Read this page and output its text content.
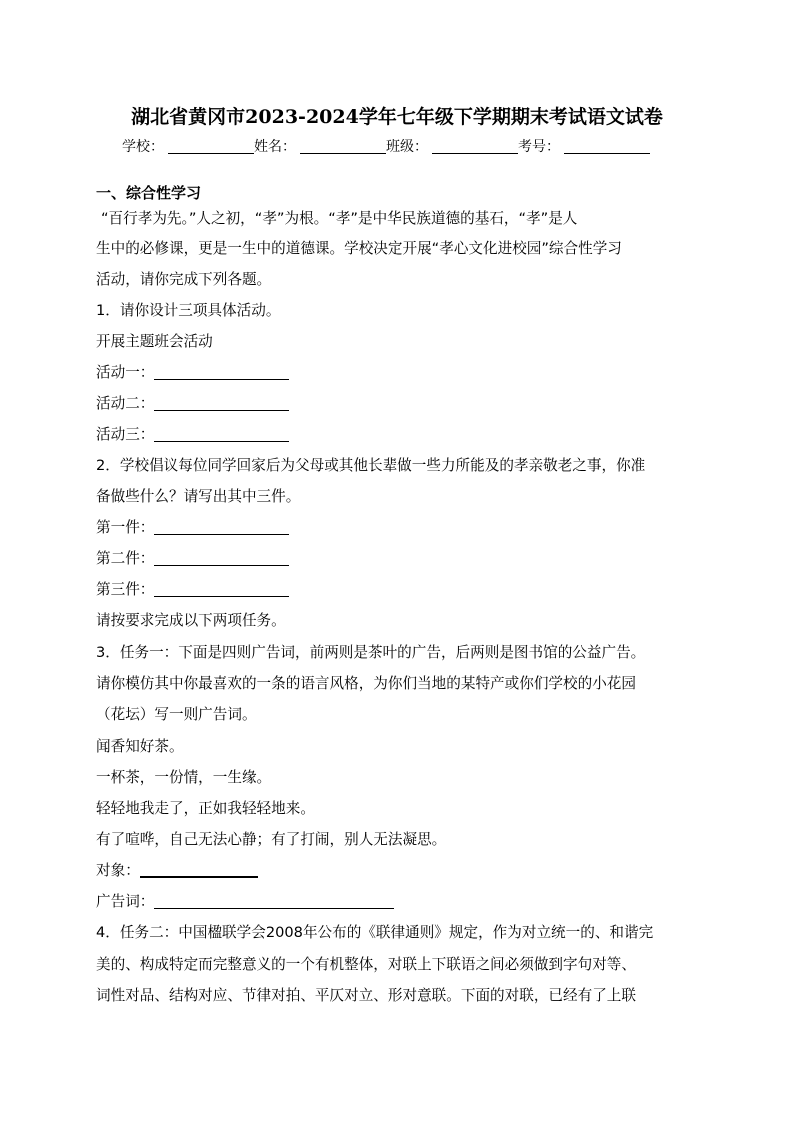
湖北省黄冈市2023-2024学年七年级下学期期末考试语文试卷
学校：	姓名：	班级：	考号：
一、综合性学习
“百行孝为先。”人之初，“孝”为根。“孝”是中华民族道德的基石，“孝”是人
生中的必修课，更是一生中的道德课。学校决定开展“孝心文化进校园”综合性学习
活动，请你完成下列各题。
1．请你设计三项具体活动。
开展主题班会活动
活动一：
活动二：
活动三：
2．学校倡议每位同学回家后为父母或其他长辈做一些力所能及的孝亲敬老之事，你准
备做些什么？请写出其中三件。
第一件：
第二件：
第三件：
请按要求完成以下两项任务。
3．任务一：下面是四则广告词，前两则是茶叶的广告，后两则是图书馆的公益广告。
请你模仿其中你最喜欢的一条的语言风格，为你们当地的某特产或你们学校的小花园
（花坛）写一则广告词。
闻香知好茶。
一杯茶，一份情，一生缘。
轻轻地我走了，正如我轻轻地来。
有了喧哗，自己无法心静；有了打闹，别人无法凝思。
对象：
广告词：
4．任务二：中国楹联学会2008年公布的《联律通则》规定，作为对立统一的、和谐完
美的、构成特定而完整意义的一个有机整体，对联上下联语之间必须做到字句对等、
词性对品、结构对应、节律对拍、平仄对立、形对意联。下面的对联，已经有了上联
